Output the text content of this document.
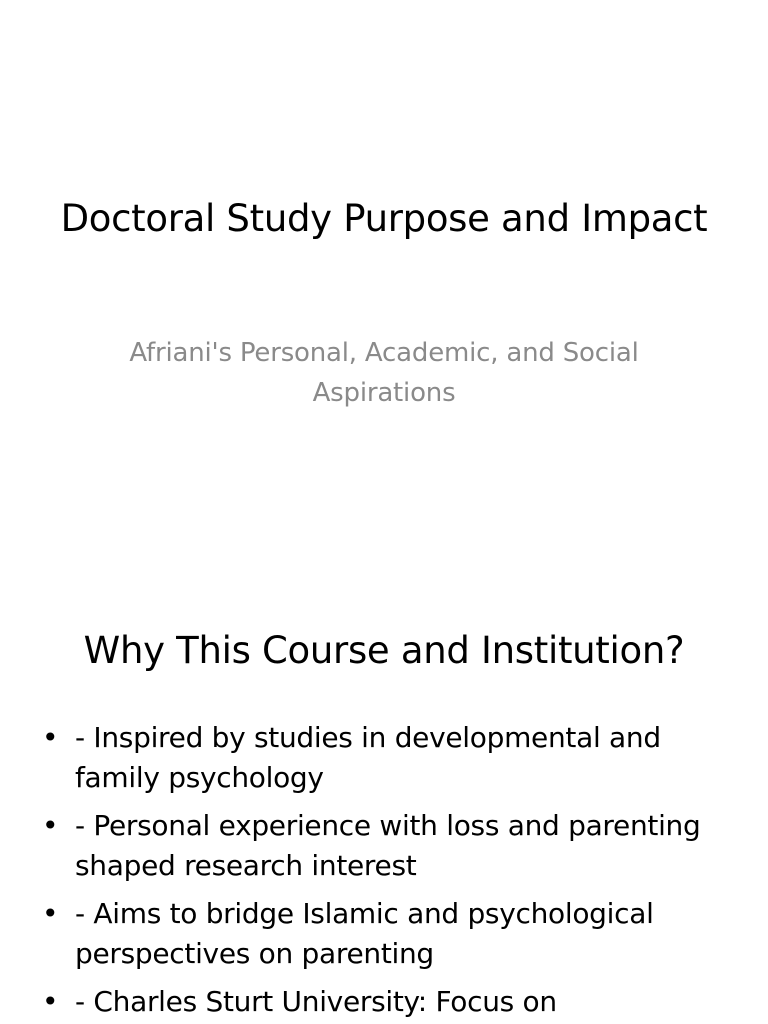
Doctoral Study Purpose and Impact
Afriani's Personal, Academic, and Social Aspirations
Why This Course and Institution?
• - Inspired by studies in developmental and family psychology
• - Personal experience with loss and parenting shaped research interest
• - Aims to bridge Islamic and psychological perspectives on parenting
• - Charles Sturt University: Focus on
